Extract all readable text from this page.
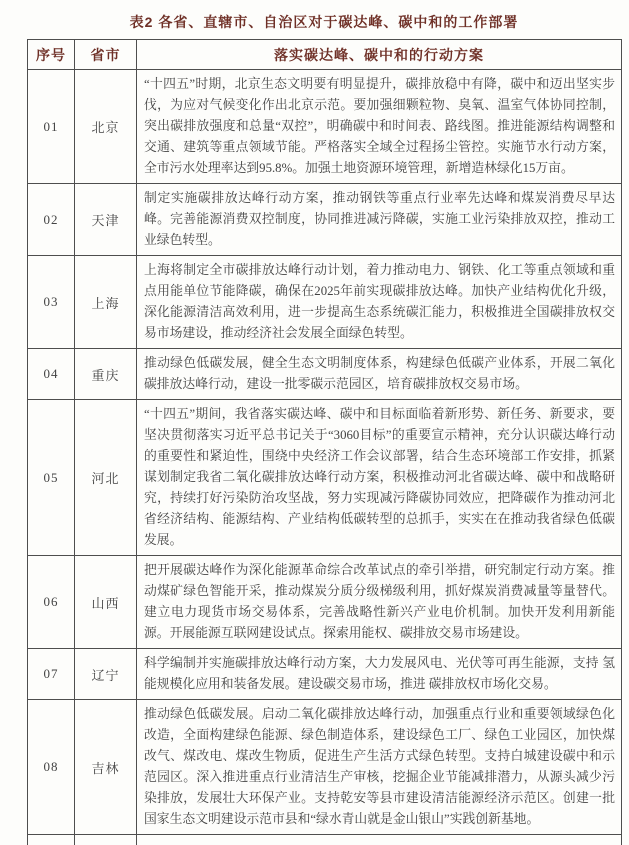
表2 各省、直辖市、自治区对于碳达峰、碳中和的工作部署
序号	省市	落实碳达峰、碳中和的行动方案
01	北京	“十四五”时期，北京生态文明要有明显提升，碳排放稳中有降，碳中和迈出坚实步伐，为应对气候变化作出北京示范。要加强细颗粒物、臭氧、温室气体协同控制，突出碳排放强度和总量“双控”，明确碳中和时间表、路线图。推进能源结构调整和交通、建筑等重点领域节能。严格落实全域全过程扬尘管控。实施节水行动方案，全市污水处理率达到95.8%。加强土地资源环境管理，新增造林绿化15万亩。
02	天津	制定实施碳排放达峰行动方案，推动钢铁等重点行业率先达峰和煤炭消费尽早达峰。完善能源消费双控制度，协同推进减污降碳，实施工业污染排放双控，推动工业绿色转型。
03	上海	上海将制定全市碳排放达峰行动计划，着力推动电力、钢铁、化工等重点领域和重点用能单位节能降碳，确保在2025年前实现碳排放达峰。加快产业结构优化升级，深化能源清洁高效利用，进一步提高生态系统碳汇能力，积极推进全国碳排放权交易市场建设，推动经济社会发展全面绿色转型。
04	重庆	推动绿色低碳发展，健全生态文明制度体系，构建绿色低碳产业体系，开展二氧化碳排放达峰行动，建设一批零碳示范园区，培育碳排放权交易市场。
05	河北	“十四五”期间，我省落实碳达峰、碳中和目标面临着新形势、新任务、新要求，要坚决贯彻落实习近平总书记关于“3060目标”的重要宣示精神，充分认识碳达峰行动的重要性和紧迫性，围绕中央经济工作会议部署，结合生态环境部工作安排，抓紧谋划制定我省二氧化碳排放达峰行动方案，积极推动河北省碳达峰、碳中和战略研究，持续打好污染防治攻坚战，努力实现减污降碳协同效应，把降碳作为推动河北省经济结构、能源结构、产业结构低碳转型的总抓手，实实在在推动我省绿色低碳发展。
06	山西	把开展碳达峰作为深化能源革命综合改革试点的牵引举措，研究制定行动方案。推动煤矿绿色智能开采，推动煤炭分质分级梯级利用，抓好煤炭消费减量等量替代。建立电力现货市场交易体系，完善战略性新兴产业电价机制。加快开发利用新能源。开展能源互联网建设试点。探索用能权、碳排放交易市场建设。
07	辽宁	科学编制并实施碳排放达峰行动方案，大力发展风电、光伏等可再生能源，支持 氢能规模化应用和装备发展。建设碳交易市场，推进 碳排放权市场化交易。
08	吉林	推动绿色低碳发展。启动二氧化碳排放达峰行动，加强重点行业和重要领域绿色化改造，全面构建绿色能源、绿色制造体系，建设绿色工厂、绿色工业园区，加快煤改气、煤改电、煤改生物质，促进生产生活方式绿色转型。支持白城建设碳中和示范园区。深入推进重点行业清洁生产审核，挖掘企业节能减排潜力，从源头减少污染排放，发展壮大环保产业。支持乾安等县市建设清洁能源经济示范区。创建一批国家生态文明建设示范市县和“绿水青山就是金山银山”实践创新基地。
